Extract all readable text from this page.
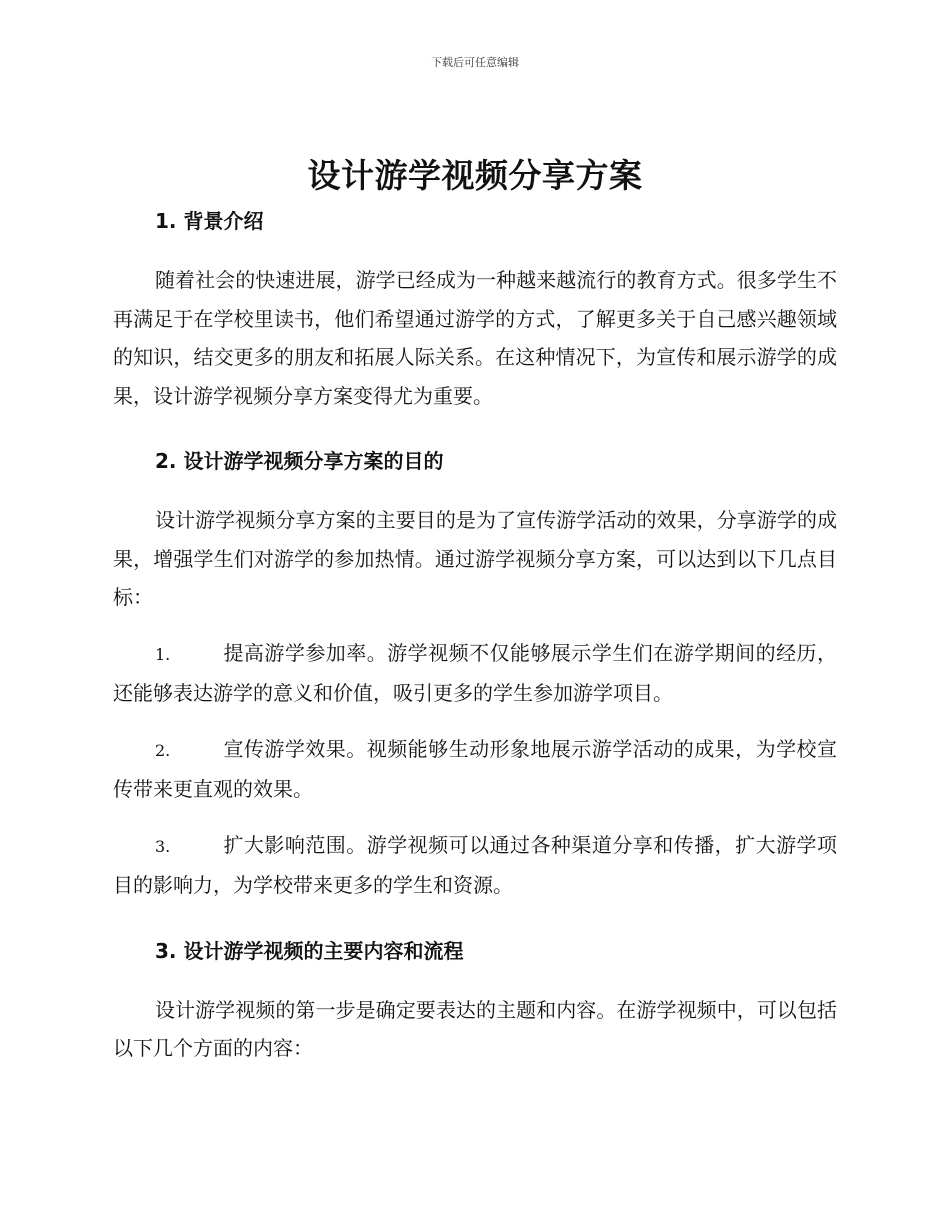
下载后可任意编辑
设计游学视频分享方案
1. 背景介绍

随着社会的快速进展，游学已经成为一种越来越流行的教育方式。很多学生不再满足于在学校里读书，他们希望通过游学的方式，了解更多关于自己感兴趣领域的知识，结交更多的朋友和拓展人际关系。在这种情况下，为宣传和展示游学的成果，设计游学视频分享方案变得尤为重要。

2. 设计游学视频分享方案的目的

设计游学视频分享方案的主要目的是为了宣传游学活动的效果，分享游学的成果，增强学生们对游学的参加热情。通过游学视频分享方案，可以达到以下几点目标：

1.	提高游学参加率。游学视频不仅能够展示学生们在游学期间的经历，还能够表达游学的意义和价值，吸引更多的学生参加游学项目。

2.	宣传游学效果。视频能够生动形象地展示游学活动的成果，为学校宣传带来更直观的效果。

3.	扩大影响范围。游学视频可以通过各种渠道分享和传播，扩大游学项目的影响力，为学校带来更多的学生和资源。

3. 设计游学视频的主要内容和流程

设计游学视频的第一步是确定要表达的主题和内容。在游学视频中，可以包括以下几个方面的内容：
